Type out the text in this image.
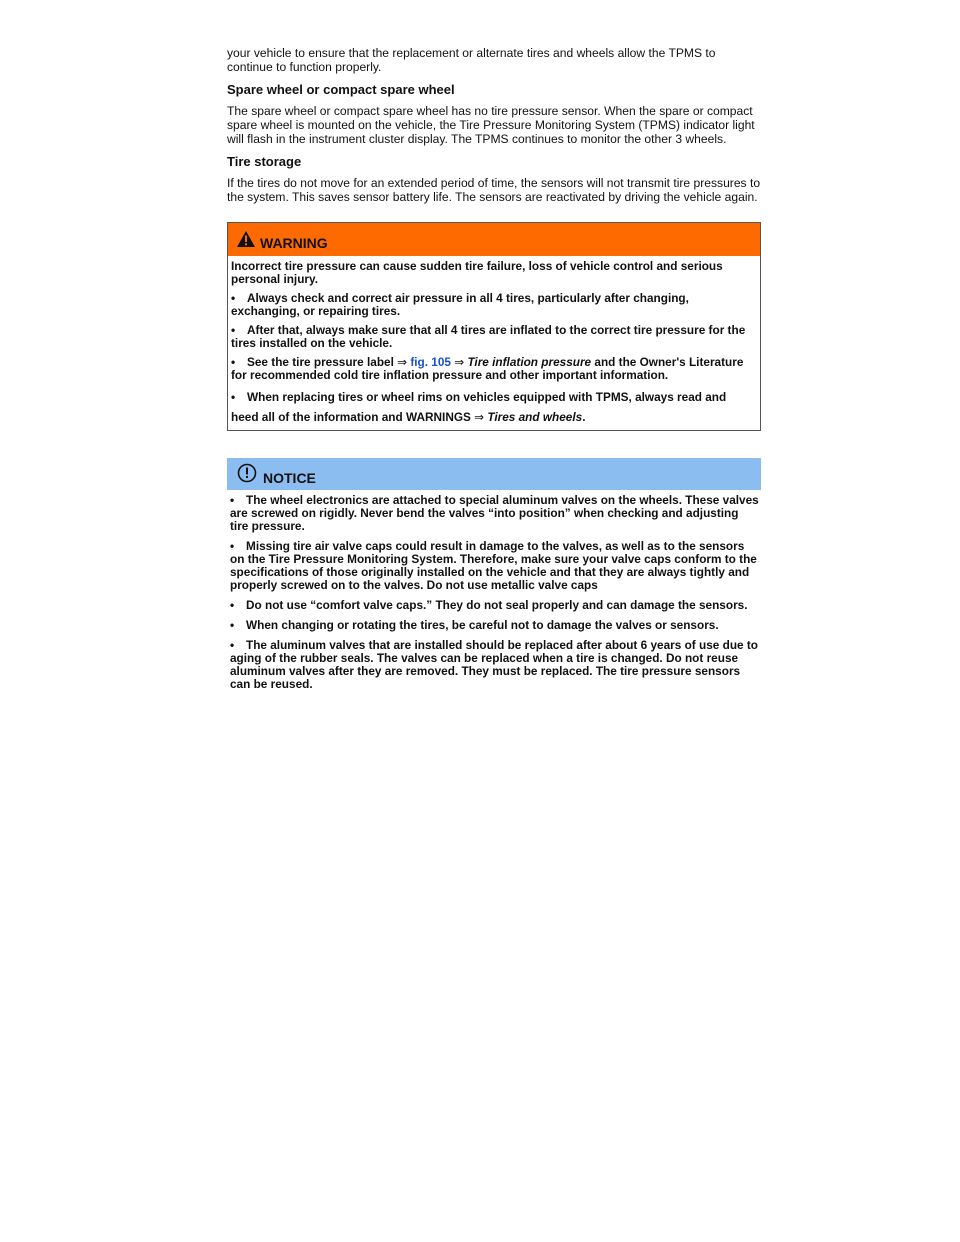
your vehicle to ensure that the replacement or alternate tires and wheels allow the TPMS to continue to function properly.

Spare wheel or compact spare wheel

The spare wheel or compact spare wheel has no tire pressure sensor. When the spare or compact spare wheel is mounted on the vehicle, the Tire Pressure Monitoring System (TPMS) indicator light will flash in the instrument cluster display. The TPMS continues to monitor the other 3 wheels.

Tire storage

If the tires do not move for an extended period of time, the sensors will not transmit tire pressures to the system. This saves sensor battery life. The sensors are reactivated by driving the vehicle again.

WARNING

Incorrect tire pressure can cause sudden tire failure, loss of vehicle control and serious personal injury.

• Always check and correct air pressure in all 4 tires, particularly after changing, exchanging, or repairing tires.

• After that, always make sure that all 4 tires are inflated to the correct tire pressure for the tires installed on the vehicle.

• See the tire pressure label ⇒ fig. 105 ⇒ Tire inflation pressure and the Owner's Literature for recommended cold tire inflation pressure and other important information.

• When replacing tires or wheel rims on vehicles equipped with TPMS, always read and
heed all of the information and WARNINGS ⇒ Tires and wheels.

NOTICE

• The wheel electronics are attached to special aluminum valves on the wheels. These valves are screwed on rigidly. Never bend the valves “into position” when checking and adjusting tire pressure.

• Missing tire air valve caps could result in damage to the valves, as well as to the sensors on the Tire Pressure Monitoring System. Therefore, make sure your valve caps conform to the specifications of those originally installed on the vehicle and that they are always tightly and properly screwed on to the valves. Do not use metallic valve caps

• Do not use “comfort valve caps.” They do not seal properly and can damage the sensors.

• When changing or rotating the tires, be careful not to damage the valves or sensors.

• The aluminum valves that are installed should be replaced after about 6 years of use due to aging of the rubber seals. The valves can be replaced when a tire is changed. Do not reuse aluminum valves after they are removed. They must be replaced. The tire pressure sensors can be reused.
